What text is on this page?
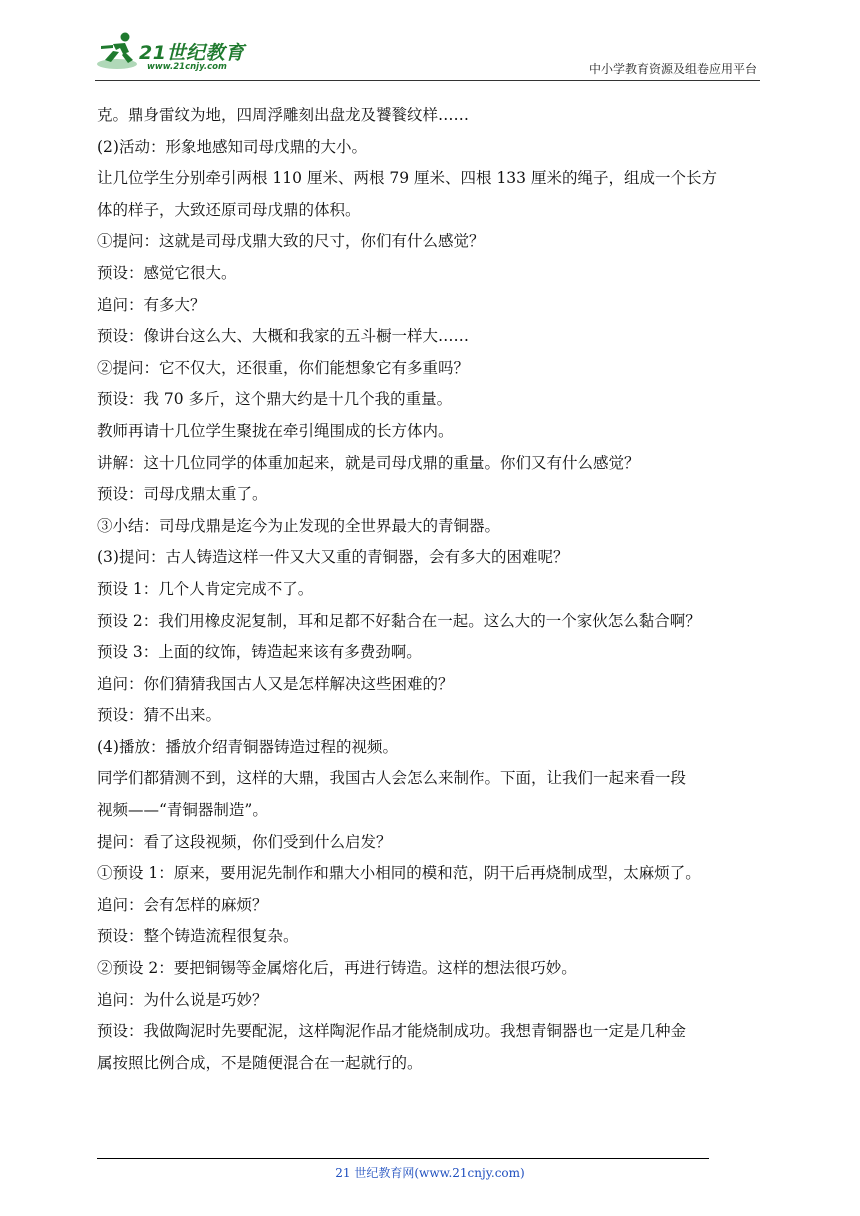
21世纪教育
www.21cnjy.com	中小学教育资源及组卷应用平台
克。鼎身雷纹为地，四周浮雕刻出盘龙及饕餮纹样……
(2)活动：形象地感知司母戊鼎的大小。
让几位学生分别牵引两根 110 厘米、两根 79 厘米、四根 133 厘米的绳子，组成一个长方
体的样子，大致还原司母戊鼎的体积。
①提问：这就是司母戊鼎大致的尺寸，你们有什么感觉？
预设：感觉它很大。
追问：有多大？
预设：像讲台这么大、大概和我家的五斗橱一样大……
②提问：它不仅大，还很重，你们能想象它有多重吗？
预设：我 70 多斤，这个鼎大约是十几个我的重量。
教师再请十几位学生聚拢在牵引绳围成的长方体内。
讲解：这十几位同学的体重加起来，就是司母戊鼎的重量。你们又有什么感觉？
预设：司母戊鼎太重了。
③小结：司母戊鼎是迄今为止发现的全世界最大的青铜器。
(3)提问：古人铸造这样一件又大又重的青铜器，会有多大的困难呢？
预设 1：几个人肯定完成不了。
预设 2：我们用橡皮泥复制，耳和足都不好黏合在一起。这么大的一个家伙怎么黏合啊？
预设 3：上面的纹饰，铸造起来该有多费劲啊。
追问：你们猜猜我国古人又是怎样解决这些困难的？
预设：猜不出来。
(4)播放：播放介绍青铜器铸造过程的视频。
同学们都猜测不到，这样的大鼎，我国古人会怎么来制作。下面，让我们一起来看一段
视频——“青铜器制造”。
提问：看了这段视频，你们受到什么启发？
①预设 1：原来，要用泥先制作和鼎大小相同的模和范，阴干后再烧制成型，太麻烦了。
追问：会有怎样的麻烦？
预设：整个铸造流程很复杂。
②预设 2：要把铜锡等金属熔化后，再进行铸造。这样的想法很巧妙。
追问：为什么说是巧妙？
预设：我做陶泥时先要配泥，这样陶泥作品才能烧制成功。我想青铜器也一定是几种金
属按照比例合成，不是随便混合在一起就行的。
21 世纪教育网(www.21cnjy.com)
